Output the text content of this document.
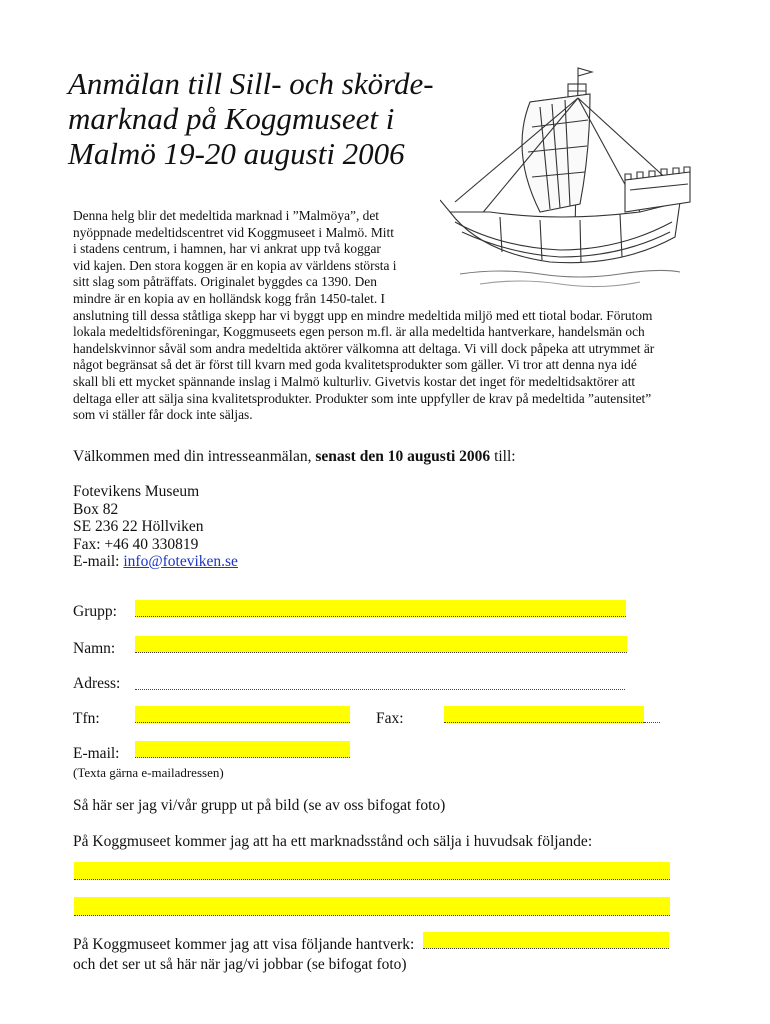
Anmälan till Sill- och skörde-
marknad på Koggmuseet i
Malmö 19-20 augusti 2006
Denna helg blir det medeltida marknad i ”Malmöya”, det
nyöppnade medeltidscentret vid Koggmuseet i Malmö. Mitt
i stadens centrum, i hamnen, har vi ankrat upp två koggar
vid kajen. Den stora koggen är en kopia av världens största i
sitt slag som påträffats. Originalet byggdes ca 1390. Den
mindre är en kopia av en holländsk kogg från 1450-talet. I
anslutning till dessa ståtliga skepp har vi byggt upp en mindre medeltida miljö med ett tiotal bodar. Förutom
lokala medeltidsföreningar, Koggmuseets egen person m.fl. är alla medeltida hantverkare, handelsmän och
handelskvinnor såväl som andra medeltida aktörer välkomna att deltaga. Vi vill dock påpeka att utrymmet är
något begränsat så det är först till kvarn med goda kvalitetsprodukter som gäller. Vi tror att denna nya idé
skall bli ett mycket spännande inslag i Malmö kulturliv. Givetvis kostar det inget för medeltidsaktörer att
deltaga eller att sälja sina kvalitetsprodukter. Produkter som inte uppfyller de krav på medeltida ”autensitet”
som vi ställer får dock inte säljas.
Välkommen med din intresseanmälan, senast den 10 augusti 2006 till:
Fotevikens Museum
Box 82
SE 236 22 Höllviken
Fax: +46 40 330819
E-mail: info@foteviken.se
Grupp:
Namn:
Adress:
Tfn:	Fax:
E-mail:
(Texta gärna e-mailadressen)
Så här ser jag vi/vår grupp ut på bild (se av oss bifogat foto)
På Koggmuseet kommer jag att ha ett marknadsstånd och sälja i huvudsak följande:
På Koggmuseet kommer jag att visa följande hantverk:
och det ser ut så här när jag/vi jobbar (se bifogat foto)
